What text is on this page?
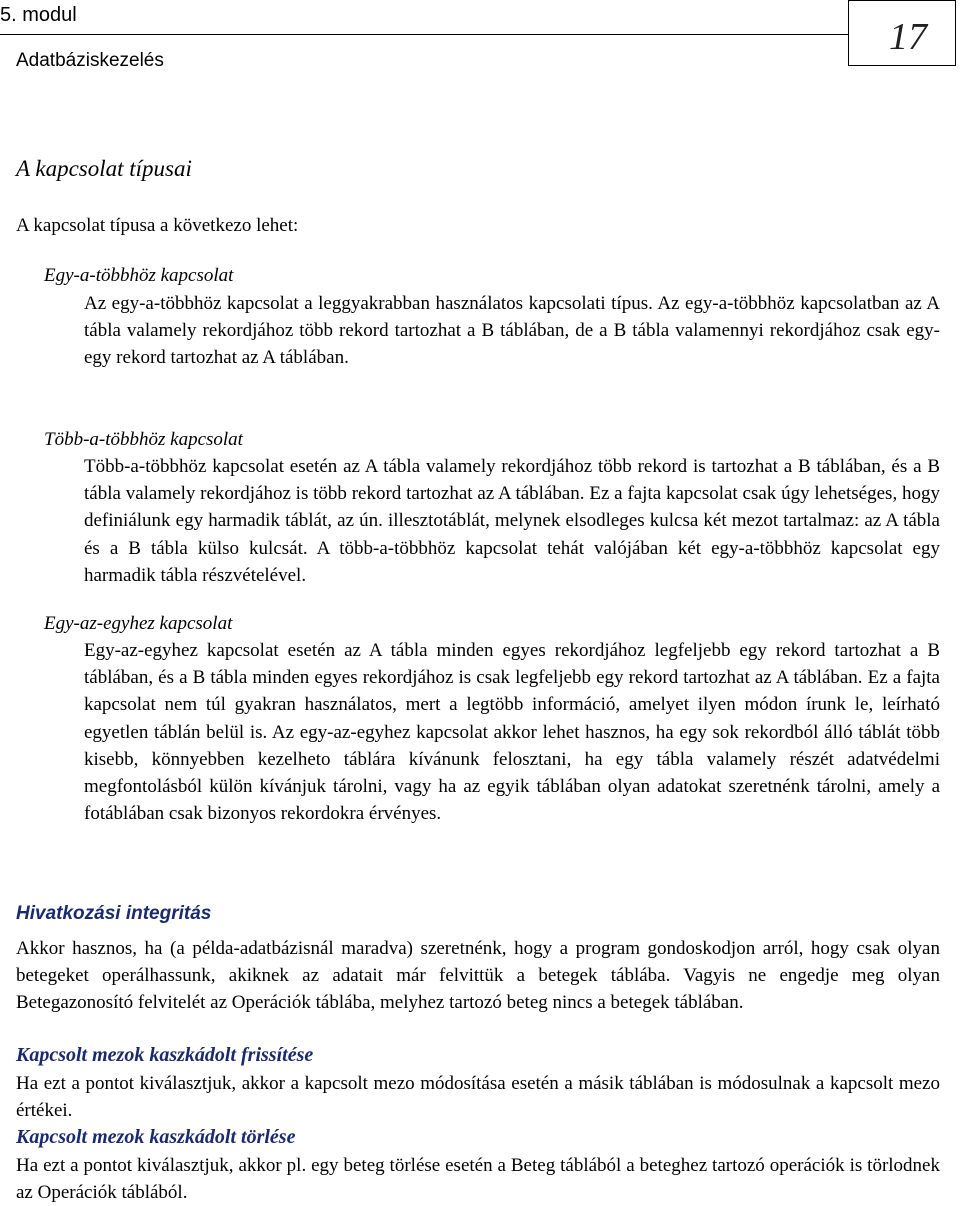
5. modul
17
Adatbáziskezelés
A kapcsolat típusai
A kapcsolat típusa a következo lehet:
Egy-a-többhöz kapcsolat

Az egy-a-többhöz kapcsolat a leggyakrabban használatos kapcsolati típus. Az egy-a-többhöz kapcsolatban az A tábla valamely rekordjához több rekord tartozhat a B táblában, de a B tábla valamennyi rekordjához csak egy-egy rekord tartozhat az A táblában.

Több-a-többhöz kapcsolat

Több-a-többhöz kapcsolat esetén az A tábla valamely rekordjához több rekord is tartozhat a B táblában, és a B tábla valamely rekordjához is több rekord tartozhat az A táblában. Ez a fajta kapcsolat csak úgy lehetséges, hogy definiálunk egy harmadik táblát, az ún. illesztotáblát, melynek elsodleges kulcsa két mezot tartalmaz: az A tábla és a B tábla külso kulcsát. A több-a-többhöz kapcsolat tehát valójában két egy-a-többhöz kapcsolat egy harmadik tábla részvételével.

Egy-az-egyhez kapcsolat

Egy-az-egyhez kapcsolat esetén az A tábla minden egyes rekordjához legfeljebb egy rekord tartozhat a B táblában, és a B tábla minden egyes rekordjához is csak legfeljebb egy rekord tartozhat az A táblában. Ez a fajta kapcsolat nem túl gyakran használatos, mert a legtöbb információ, amelyet ilyen módon írunk le, leírható egyetlen táblán belül is. Az egy-az-egyhez kapcsolat akkor lehet hasznos, ha egy sok rekordból álló táblát több kisebb, könnyebben kezelheto táblára kívánunk felosztani, ha egy tábla valamely részét adatvédelmi megfontolásból külön kívánjuk tárolni, vagy ha az egyik táblában olyan adatokat szeretnénk tárolni, amely a fotáblában csak bizonyos rekordokra érvényes.

Hivatkozási integritás

Akkor hasznos, ha (a példa-adatbázisnál maradva) szeretnénk, hogy a program gondoskodjon arról, hogy csak olyan betegeket operálhassunk, akiknek az adatait már felvittük a betegek táblába. Vagyis ne engedje meg olyan Betegazonosító felvitelét az Operációk táblába, melyhez tartozó beteg nincs a betegek táblában.

Kapcsolt mezok kaszkádolt frissítése

Ha ezt a pontot kiválasztjuk, akkor a kapcsolt mezo módosítása esetén a másik táblában is módosulnak a kapcsolt mezo értékei.

Kapcsolt mezok kaszkádolt törlése

Ha ezt a pontot kiválasztjuk, akkor pl. egy beteg törlése esetén a Beteg táblából a beteghez tartozó operációk is törlodnek az Operációk táblából.
